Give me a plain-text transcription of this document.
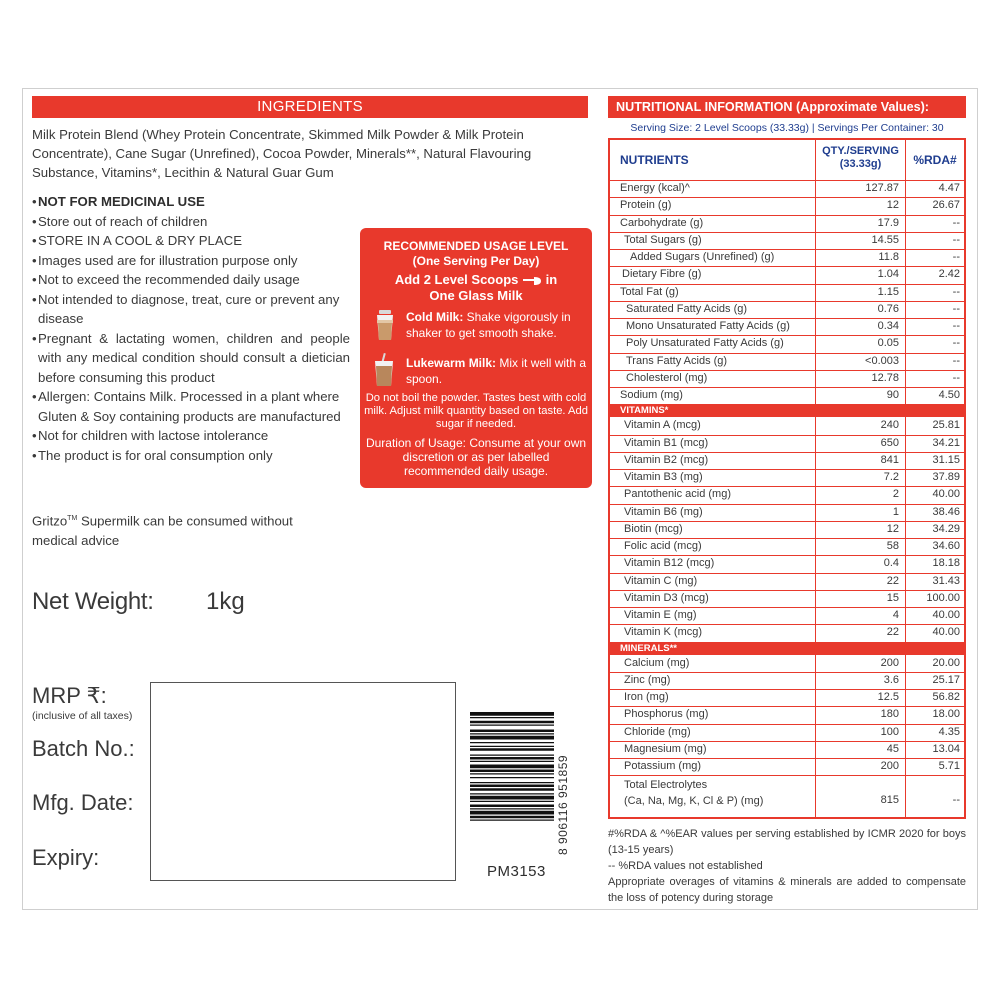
INGREDIENTS
Milk Protein Blend (Whey Protein Concentrate, Skimmed Milk Powder & Milk Protein
Concentrate), Cane Sugar (Unrefined), Cocoa Powder, Minerals**, Natural Flavouring
Substance, Vitamins*, Lecithin & Natural Guar Gum
• NOT FOR MEDICINAL USE
• Store out of reach of children
• STORE IN A COOL & DRY PLACE
• Images used are for illustration purpose only
• Not to exceed the recommended daily usage
• Not intended to diagnose, treat, cure or prevent any disease
• Pregnant & lactating women, children and people with any medical condition should consult a dietician before consuming this product
• Allergen: Contains Milk. Processed in a plant where Gluten & Soy containing products are manufactured
• Not for children with lactose intolerance
• The product is for oral consumption only
Gritzo™ Supermilk can be consumed without medical advice
Net Weight: 1kg
MRP ₹:
(inclusive of all taxes)
Batch No.:
Mfg. Date:
Expiry:
8 906116 951859
PM3153
RECOMMENDED USAGE LEVEL
(One Serving Per Day)
Add 2 Level Scoops  in
One Glass Milk
Cold Milk: Shake vigorously in shaker to get smooth shake.
Lukewarm Milk: Mix it well with a spoon.
Do not boil the powder. Tastes best with cold milk. Adjust milk quantity based on taste. Add sugar if needed.
Duration of Usage: Consume at your own discretion or as per labelled recommended daily usage.
NUTRITIONAL INFORMATION (Approximate Values):
Serving Size: 2 Level Scoops (33.33g) | Servings Per Container: 30
NUTRIENTS
QTY./SERVING
(33.33g)	%RDA#
Energy (kcal)^	127.87	4.47
Protein (g)	12	26.67
Carbohydrate (g)	17.9	--
Total Sugars (g)	14.55	--
Added Sugars (Unrefined) (g)	11.8	--
Dietary Fibre (g)	1.04	2.42
Total Fat (g)	1.15	--
Saturated Fatty Acids (g)	0.76	--
Mono Unsaturated Fatty Acids (g)	0.34	--
Poly Unsaturated Fatty Acids (g)	0.05	--
Trans Fatty Acids (g)	<0.003	--
Cholesterol (mg)	12.78	--
Sodium (mg)	90	4.50
VITAMINS*
Vitamin A (mcg)	240	25.81
Vitamin B1 (mcg)	650	34.21
Vitamin B2 (mcg)	841	31.15
Vitamin B3 (mg)	7.2	37.89
Pantothenic acid (mg)	2	40.00
Vitamin B6 (mg)	1	38.46
Biotin (mcg)	12	34.29
Folic acid (mcg)	58	34.60
Vitamin B12 (mcg)	0.4	18.18
Vitamin C (mg)	22	31.43
Vitamin D3 (mcg)	15	100.00
Vitamin E (mg)	4	40.00
Vitamin K (mcg)	22	40.00
MINERALS**
Calcium (mg)	200	20.00
Zinc (mg)	3.6	25.17
Iron (mg)	12.5	56.82
Phosphorus (mg)	180	18.00
Chloride (mg)	100	4.35
Magnesium (mg)	45	13.04
Potassium (mg)	200	5.71
Total Electrolytes
(Ca, Na, Mg, K, Cl & P) (mg)	815	--
#%RDA & ^%EAR values per serving established by ICMR 2020 for boys (13-15 years)
-- %RDA values not established
Appropriate overages of vitamins & minerals are added to compensate the loss of potency during storage
